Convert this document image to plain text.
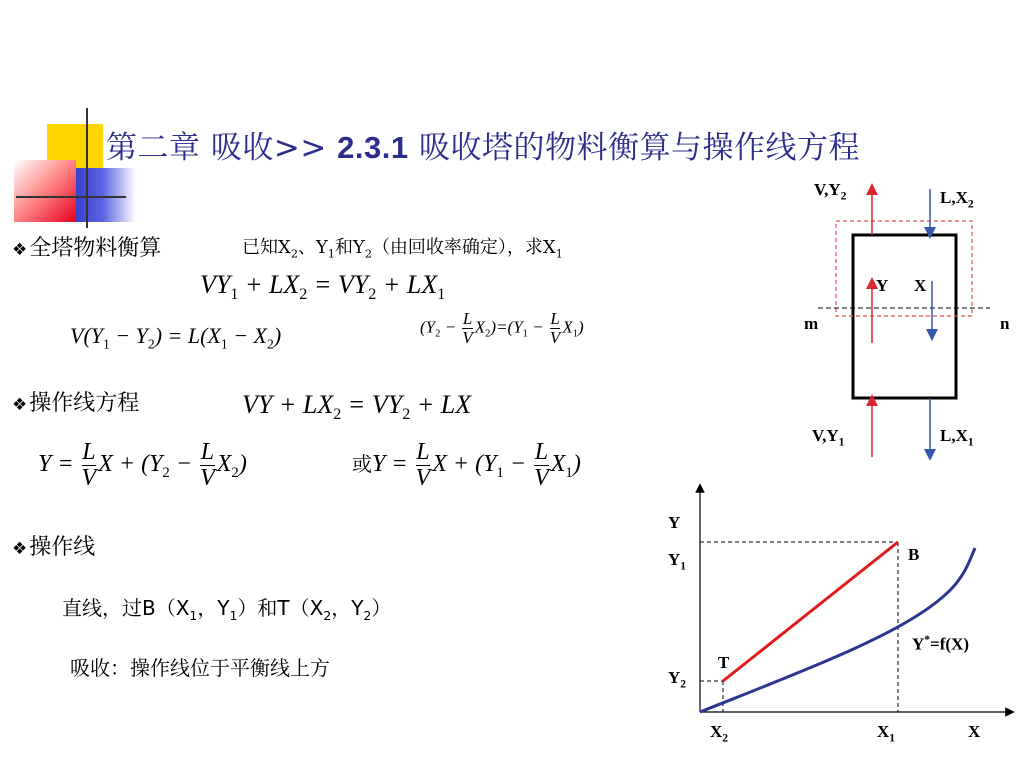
第二章 吸收>> 2.3.1 吸收塔的物料衡算与操作线方程
❖全塔物料衡算	已知$X_2$、$Y_1$和$Y_2$（由回收率确定），求$X_1$
$VY_1 + LX_2 = VY_2 + LX_1$
$V(Y_1 - Y_2) = L(X_1 - X_2)$	$(Y_2 - \frac{L}{V} X_2)=(Y_1 - \frac{L}{V} X_1)$
❖操作线方程	VY + $LX_2 = VY_2$ + LX
$Y = \frac{L}{V}$ $X + (Y_2 - \frac{L}{V} X_2)$	或$Y = \frac{L}{V}$ $X + (Y_1 - \frac{L}{V} X_1)$
❖操作线
直线，过$B(X_1$，$Y_1$）和$T(X_2$，$Y_2$）
吸收：操作线位于平衡线上方
$V,Y_2$	$L,X_2$
Y X
m	n
$V,Y_1$	$L,X_1$
Y
$Y_1$
$Y_2$
$X_2$	$X_1$	X
B
T
Y*=f(X)
